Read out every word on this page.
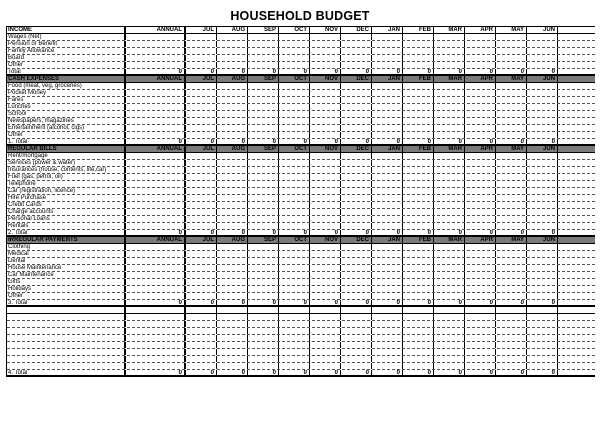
HOUSEHOLD BUDGET
INCOME	ANNUAL	JUL	AUG	SEP	OCT	NOV	DEC	JAN	FEB	MAR	APR	MAY	JUN
Wages (Net)
Pension or Benefit
Family Allowance
Board
Other
Total	0	0	0	0	0	0	0	0	0	0	0	0	0
CASH EXPENSES	ANNUAL	JUL	AUG	SEP	OCT	NOV	DEC	JAN	FEB	MAR	APR	MAY	JUN
Food (meat, veg, groceries)
Pocket Money
Fares
Lunches
School
Newspapers, magazines
Entertainment (alcohol, cigs)
Other
1. Total	0	0	0	0	0	0	0	0	0	0	0	0	0
REGULAR BILLS	ANNUAL	JUL	AUG	SEP	OCT	NOV	DEC	JAN	FEB	MAR	APR	MAY	JUN
Rent/mortgage
Services (power & water)
Insurances (house, contents, life,car)
Fuel (gas, petrol, oil)
Telephone
Car (registration, licence)
Hire Purchase
Credit Cards
Charge accounts
Personal Loans
Rentals
2. Total	0	0	0	0	0	0	0	0	0	0	0	0	0
IRREGULAR PAYMENTS	ANNUAL	JUL	AUG	SEP	OCT	NOV	DEC	JAN	FEB	MAR	APR	MAY	JUN
Clothing
Medical
Dental
House Maintenance
Car Maintenance
Gifts
Holidays
Other
3. Total	0	0	0	0	0	0	0	0	0	0	0	0	0
4. Total	0	0	0	0	0	0	0	0	0	0	0	0	0
